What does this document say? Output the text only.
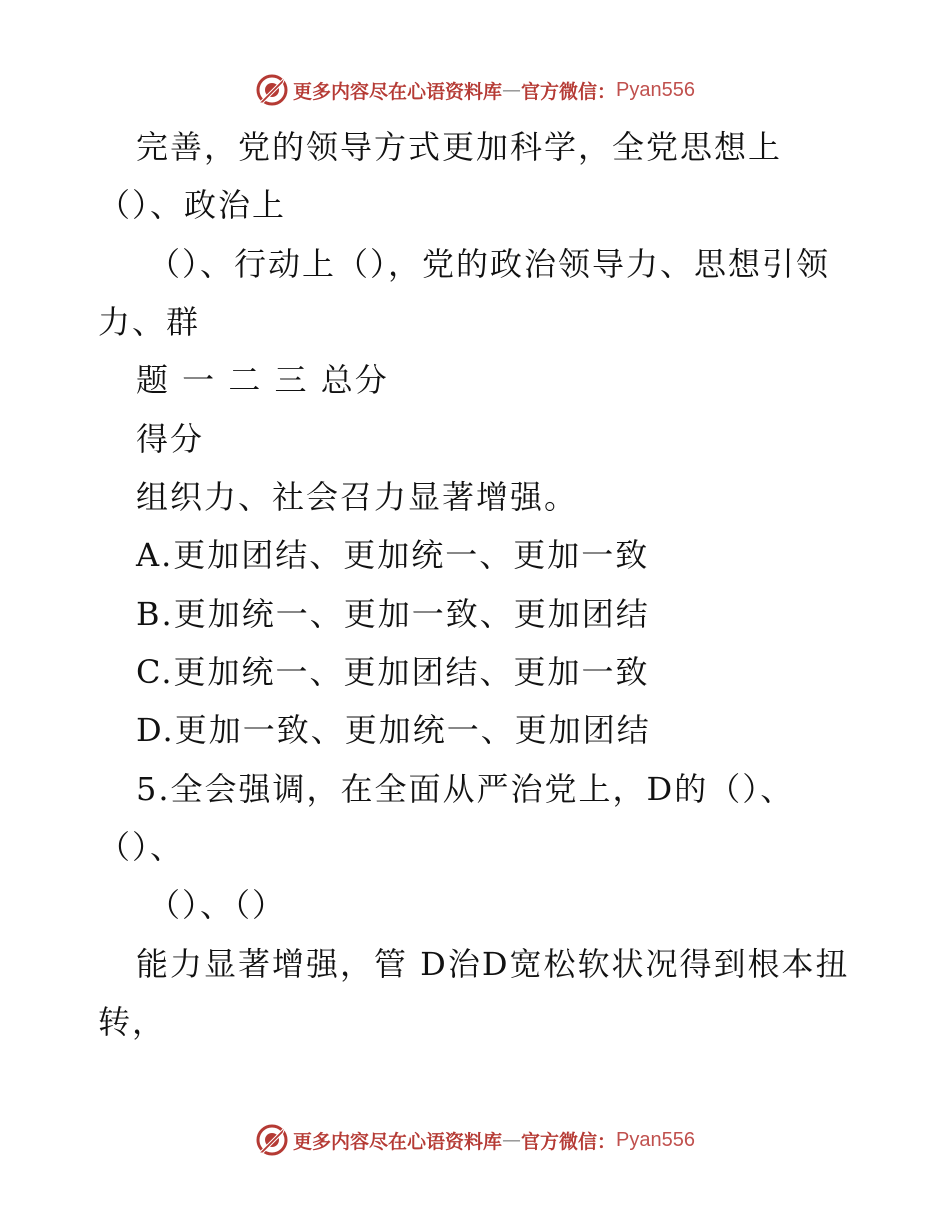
更多内容尽在心语资料库 — 官方微信： Pyan556
完善，党的领导方式更加科学，全党思想上
（）、政治上
（）、行动上（），党的政治领导力、思想引领
力、群
题 一 二 三 总分
得分
组织力、社会召力显著增强。
A.更加团结、更加统一、更加一致
B.更加统一、更加一致、更加团结
C.更加统一、更加团结、更加一致
D.更加一致、更加统一、更加团结
5.全会强调，在全面从严治党上，D的（）、
（）、
（）、（）
能力显著增强，管 D治D宽松软状况得到根本扭
转，
更多内容尽在心语资料库 — 官方微信： Pyan556
